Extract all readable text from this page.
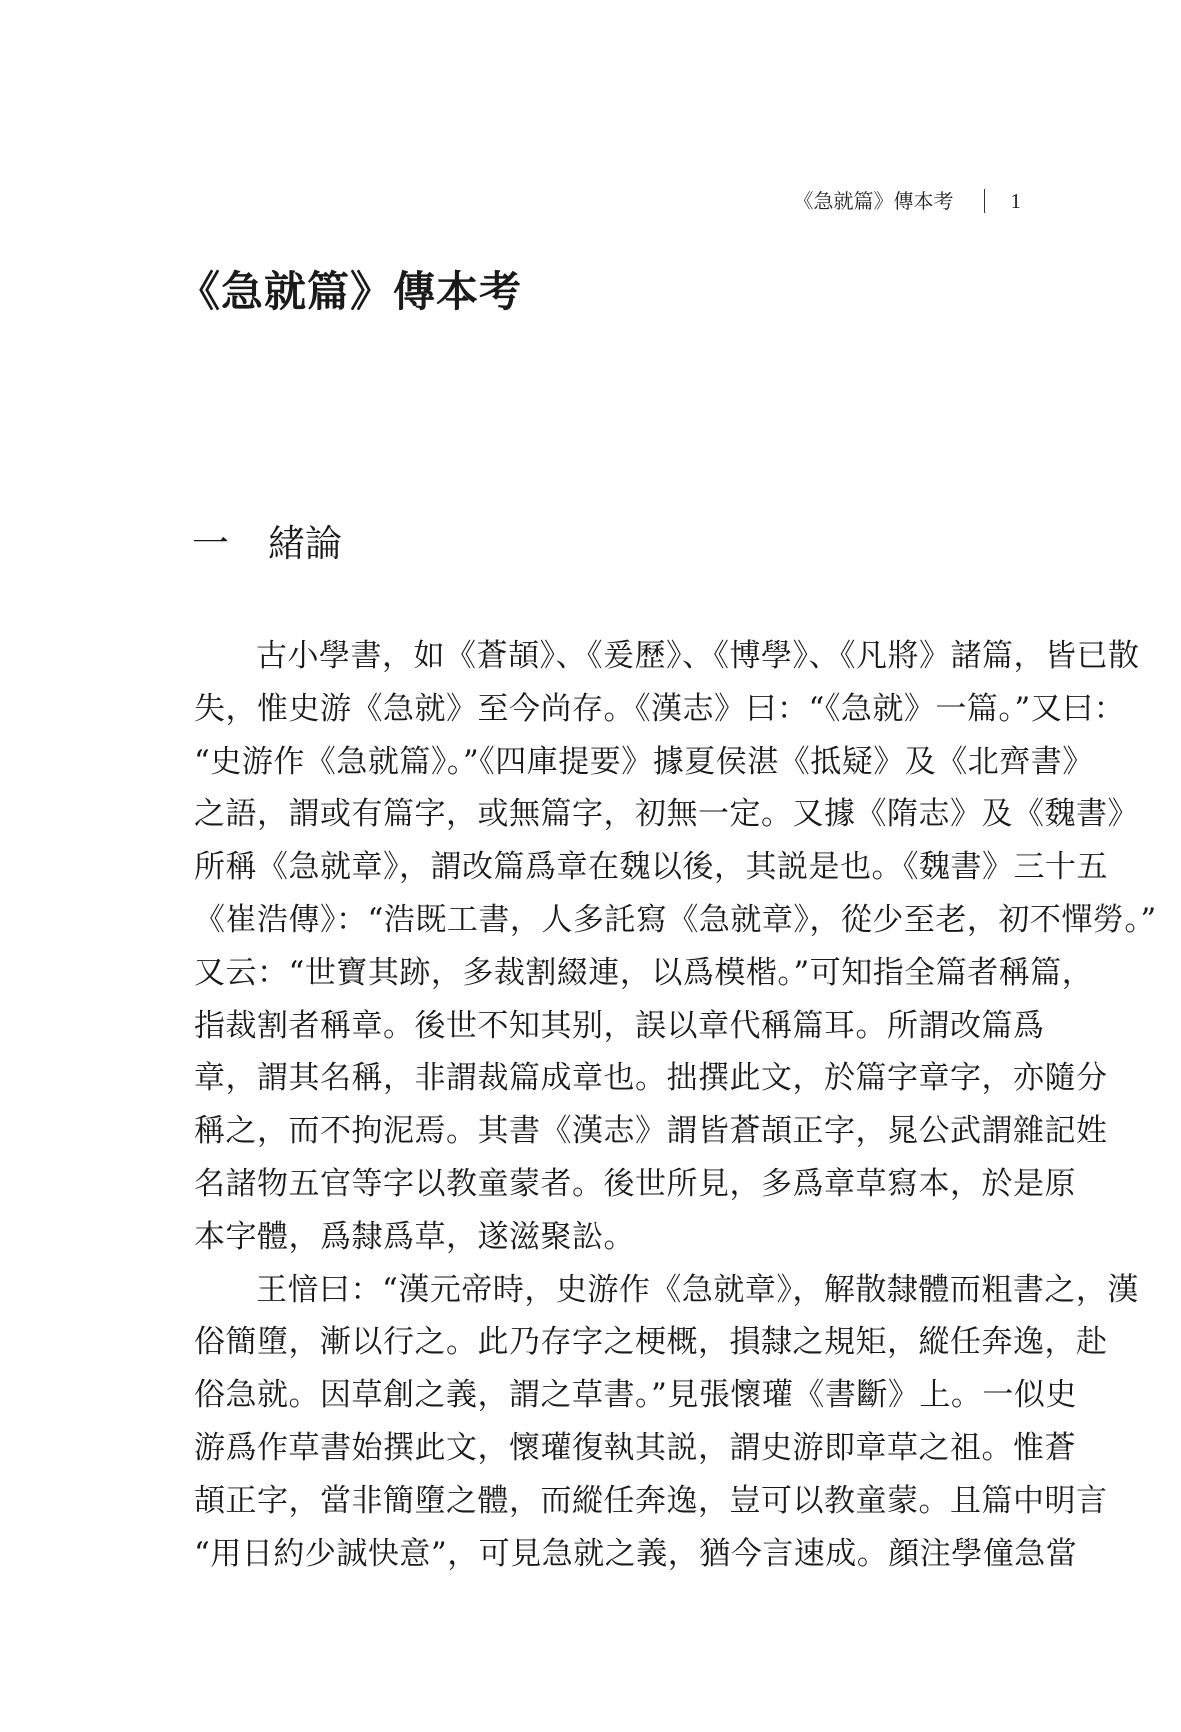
《急就篇》傳本考	1
《急就篇》傳本考
一 緒論
古小學書，如《蒼頡》、《爰歷》、《博學》、《凡將》諸篇，皆已散
失，惟史游《急就》至今尚存。《漢志》曰：“《急就》一篇。”又曰：
“史游作《急就篇》。”《四庫提要》據夏侯湛《抵疑》及《北齊書》
之語，謂或有篇字，或無篇字，初無一定。又據《隋志》及《魏書》
所稱《急就章》，謂改篇爲章在魏以後，其説是也。《魏書》三十五
《崔浩傳》：“浩既工書，人多託寫《急就章》，從少至老，初不憚勞。”
又云：“世寶其跡，多裁割綴連，以爲模楷。”可知指全篇者稱篇，
指裁割者稱章。後世不知其别，誤以章代稱篇耳。所謂改篇爲
章，謂其名稱，非謂裁篇成章也。拙撰此文，於篇字章字，亦隨分
稱之，而不拘泥焉。其書《漢志》謂皆蒼頡正字，晁公武謂雜記姓
名諸物五官等字以教童蒙者。後世所見，多爲章草寫本，於是原
本字體，爲隸爲草，遂滋聚訟。
王愔曰：“漢元帝時，史游作《急就章》，解散隸體而粗書之，漢
俗簡墮，漸以行之。此乃存字之梗概，損隸之規矩，縱任奔逸，赴
俗急就。因草創之義，謂之草書。”見張懷瓘《書斷》上。一似史
游爲作草書始撰此文，懷瓘復執其説，謂史游即章草之祖。惟蒼
頡正字，當非簡墮之體，而縱任奔逸，豈可以教童蒙。且篇中明言
“用日約少誠快意”，可見急就之義，猶今言速成。顔注學僮急當
